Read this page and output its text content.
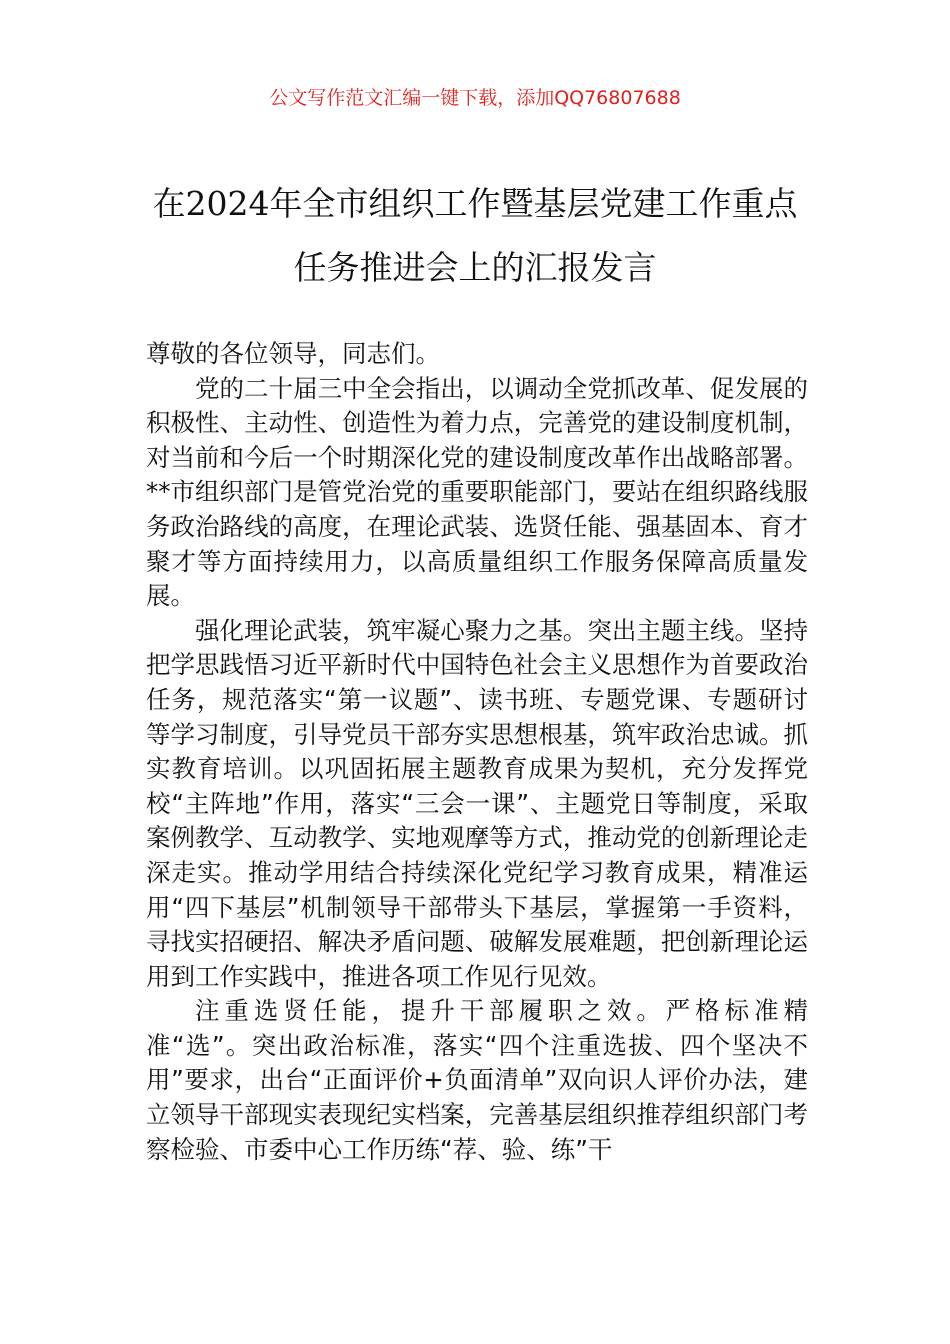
公文写作范文汇编一键下载，添加QQ76807688
在2024年全市组织工作暨基层党建工作重点任务推进会上的汇报发言

尊敬的各位领导，同志们。

党的二十届三中全会指出，以调动全党抓改革、促发展的积极性、主动性、创造性为着力点，完善党的建设制度机制，对当前和今后一个时期深化党的建设制度改革作出战略部署。**市组织部门是管党治党的重要职能部门，要站在组织路线服务政治路线的高度，在理论武装、选贤任能、强基固本、育才聚才等方面持续用力，以高质量组织工作服务保障高质量发展。

强化理论武装，筑牢凝心聚力之基。突出主题主线。坚持把学思践悟习近平新时代中国特色社会主义思想作为首要政治任务，规范落实“第一议题”、读书班、专题党课、专题研讨等学习制度，引导党员干部夯实思想根基，筑牢政治忠诚。抓实教育培训。以巩固拓展主题教育成果为契机，充分发挥党校“主阵地”作用，落实“三会一课”、主题党日等制度，采取案例教学、互动教学、实地观摩等方式，推动党的创新理论走深走实。推动学用结合持续深化党纪学习教育成果，精准运用“四下基层”机制领导干部带头下基层，掌握第一手资料，寻找实招硬招、解决矛盾问题、破解发展难题，把创新理论运用到工作实践中，推进各项工作见行见效。

注重选贤任能，提升干部履职之效。严格标准精准“选”。突出政治标准，落实“四个注重选拔、四个坚决不用”要求，出台“正面评价+负面清单”双向识人评价办法，建立领导干部现实表现纪实档案，完善基层组织推荐组织部门考察检验、市委中心工作历练“荐、验、练”干
